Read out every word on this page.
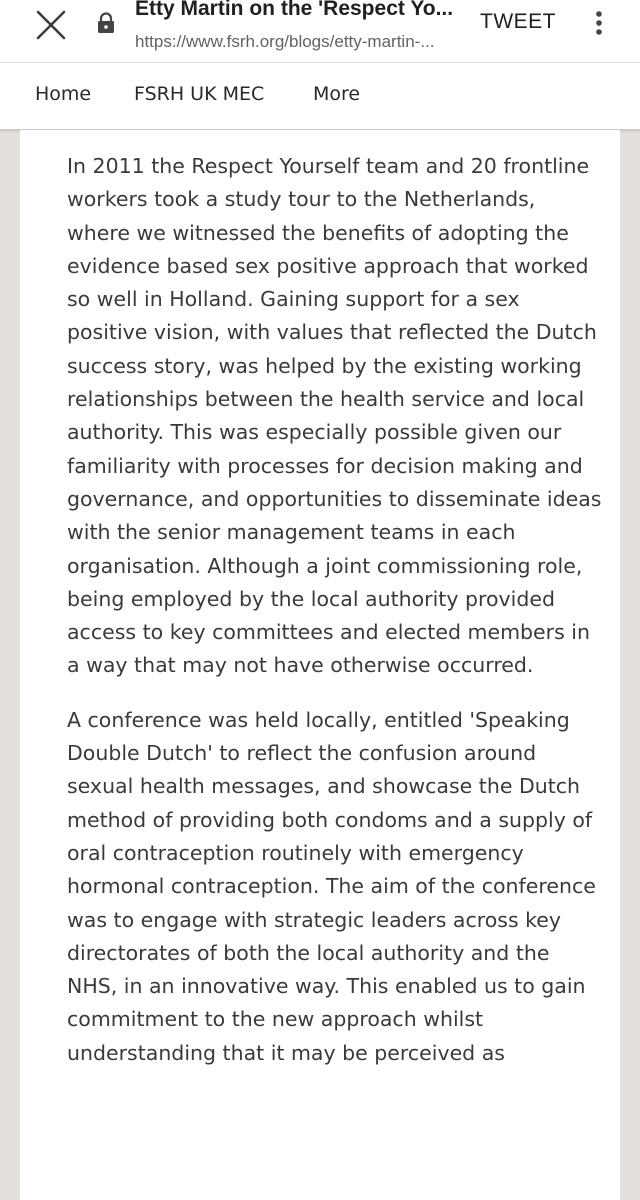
Etty Martin on the 'Respect Yo...
https://www.fsrh.org/blogs/etty-martin-...
TWEET
Home FSRH UK MEC	More

In 2011 the Respect Yourself team and 20 frontline workers took a study tour to the Netherlands, where we witnessed the benefits of adopting the evidence based sex positive approach that worked so well in Holland. Gaining support for a sex positive vision, with values that reflected the Dutch success story, was helped by the existing working relationships between the health service and local authority. This was especially possible given our familiarity with processes for decision making and governance, and opportunities to disseminate ideas with the senior management teams in each organisation. Although a joint commissioning role, being employed by the local authority provided access to key committees and elected members in a way that may not have otherwise occurred.

A conference was held locally, entitled 'Speaking Double Dutch' to reflect the confusion around sexual health messages, and showcase the Dutch method of providing both condoms and a supply of oral contraception routinely with emergency hormonal contraception. The aim of the conference was to engage with strategic leaders across key directorates of both the local authority and the NHS, in an innovative way. This enabled us to gain commitment to the new approach whilst understanding that it may be perceived as
